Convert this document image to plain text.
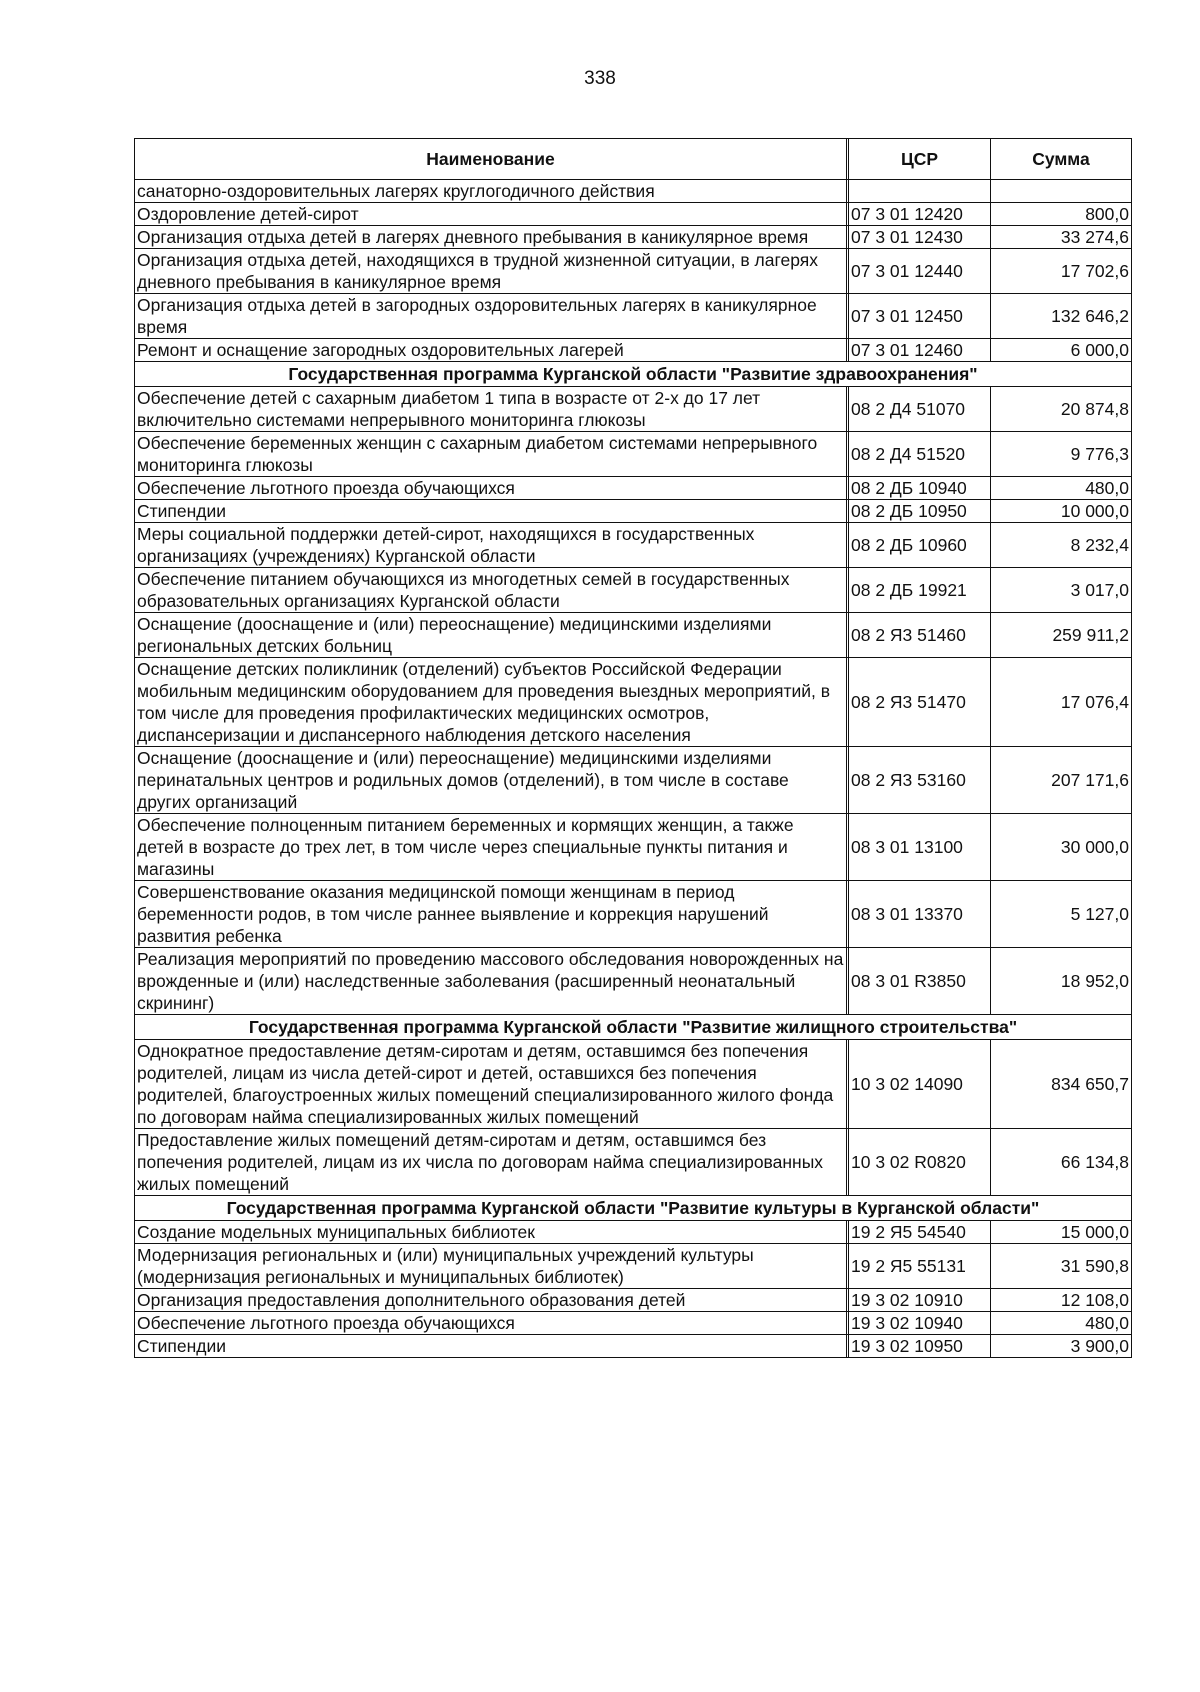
338
Наименование		ЦСР	Сумма
санаторно-оздоровительных лагерях круглогодичного действия			
Оздоровление детей-сирот		07 3 01 12420	800,0
Организация отдыха детей в лагерях дневного пребывания в каникулярное время		07 3 01 12430	33 274,6
Организация отдыха детей, находящихся в трудной жизненной ситуации, в лагерях дневного пребывания в каникулярное время		07 3 01 12440	17 702,6
Организация отдыха детей в загородных оздоровительных лагерях в каникулярное время		07 3 01 12450	132 646,2
Ремонт и оснащение загородных оздоровительных лагерей		07 3 01 12460	6 000,0
Государственная программа Курганской области "Развитие здравоохранения"			
Обеспечение детей с сахарным диабетом 1 типа в возрасте от 2-х до 17 лет включительно системами непрерывного мониторинга глюкозы		08 2 Д4 51070	20 874,8
Обеспечение беременных женщин с сахарным диабетом системами непрерывного мониторинга глюкозы		08 2 Д4 51520	9 776,3
Обеспечение льготного проезда обучающихся		08 2 ДБ 10940	480,0
Стипендии		08 2 ДБ 10950	10 000,0
Меры социальной поддержки детей-сирот, находящихся в государственных организациях (учреждениях) Курганской области		08 2 ДБ 10960	8 232,4
Обеспечение питанием обучающихся из многодетных семей в государственных образовательных организациях Курганской области		08 2 ДБ 19921	3 017,0
Оснащение (дооснащение и (или) переоснащение) медицинскими изделиями региональных детских больниц		08 2 Я3 51460	259 911,2
Оснащение детских поликлиник (отделений) субъектов Российской Федерации мобильным медицинским оборудованием для проведения выездных мероприятий, в том числе для проведения профилактических медицинских осмотров, диспансеризации и диспансерного наблюдения детского населения		08 2 Я3 51470	17 076,4
Оснащение (дооснащение и (или) переоснащение) медицинскими изделиями перинатальных центров и родильных домов (отделений), в том числе в составе других организаций		08 2 Я3 53160	207 171,6
Обеспечение полноценным питанием беременных и кормящих женщин, а также детей в возрасте до трех лет, в том числе через специальные пункты питания и магазины		08 3 01 13100	30 000,0
Совершенствование оказания медицинской помощи женщинам в период беременности родов, в том числе раннее выявление и коррекция нарушений развития ребенка		08 3 01 13370	5 127,0
Реализация мероприятий по проведению массового обследования новорожденных на врожденные и (или) наследственные заболевания (расширенный неонатальный скрининг)		08 3 01 R3850	18 952,0
Государственная программа Курганской области "Развитие жилищного строительства"			
Однократное предоставление детям-сиротам и детям, оставшимся без попечения родителей, лицам из числа детей-сирот и детей, оставшихся без попечения родителей, благоустроенных жилых помещений специализированного жилого фонда по договорам найма специализированных жилых помещений		10 3 02 14090	834 650,7
Предоставление жилых помещений детям-сиротам и детям, оставшимся без попечения родителей, лицам из их числа по договорам найма специализированных жилых помещений		10 3 02 R0820	66 134,8
Государственная программа Курганской области "Развитие культуры в Курганской области"			
Создание модельных муниципальных библиотек		19 2 Я5 54540	15 000,0
Модернизация региональных и (или) муниципальных учреждений культуры (модернизация региональных и муниципальных библиотек)		19 2 Я5 55131	31 590,8
Организация предоставления дополнительного образования детей		19 3 02 10910	12 108,0
Обеспечение льготного проезда обучающихся		19 3 02 10940	480,0
Стипендии		19 3 02 10950	3 900,0
